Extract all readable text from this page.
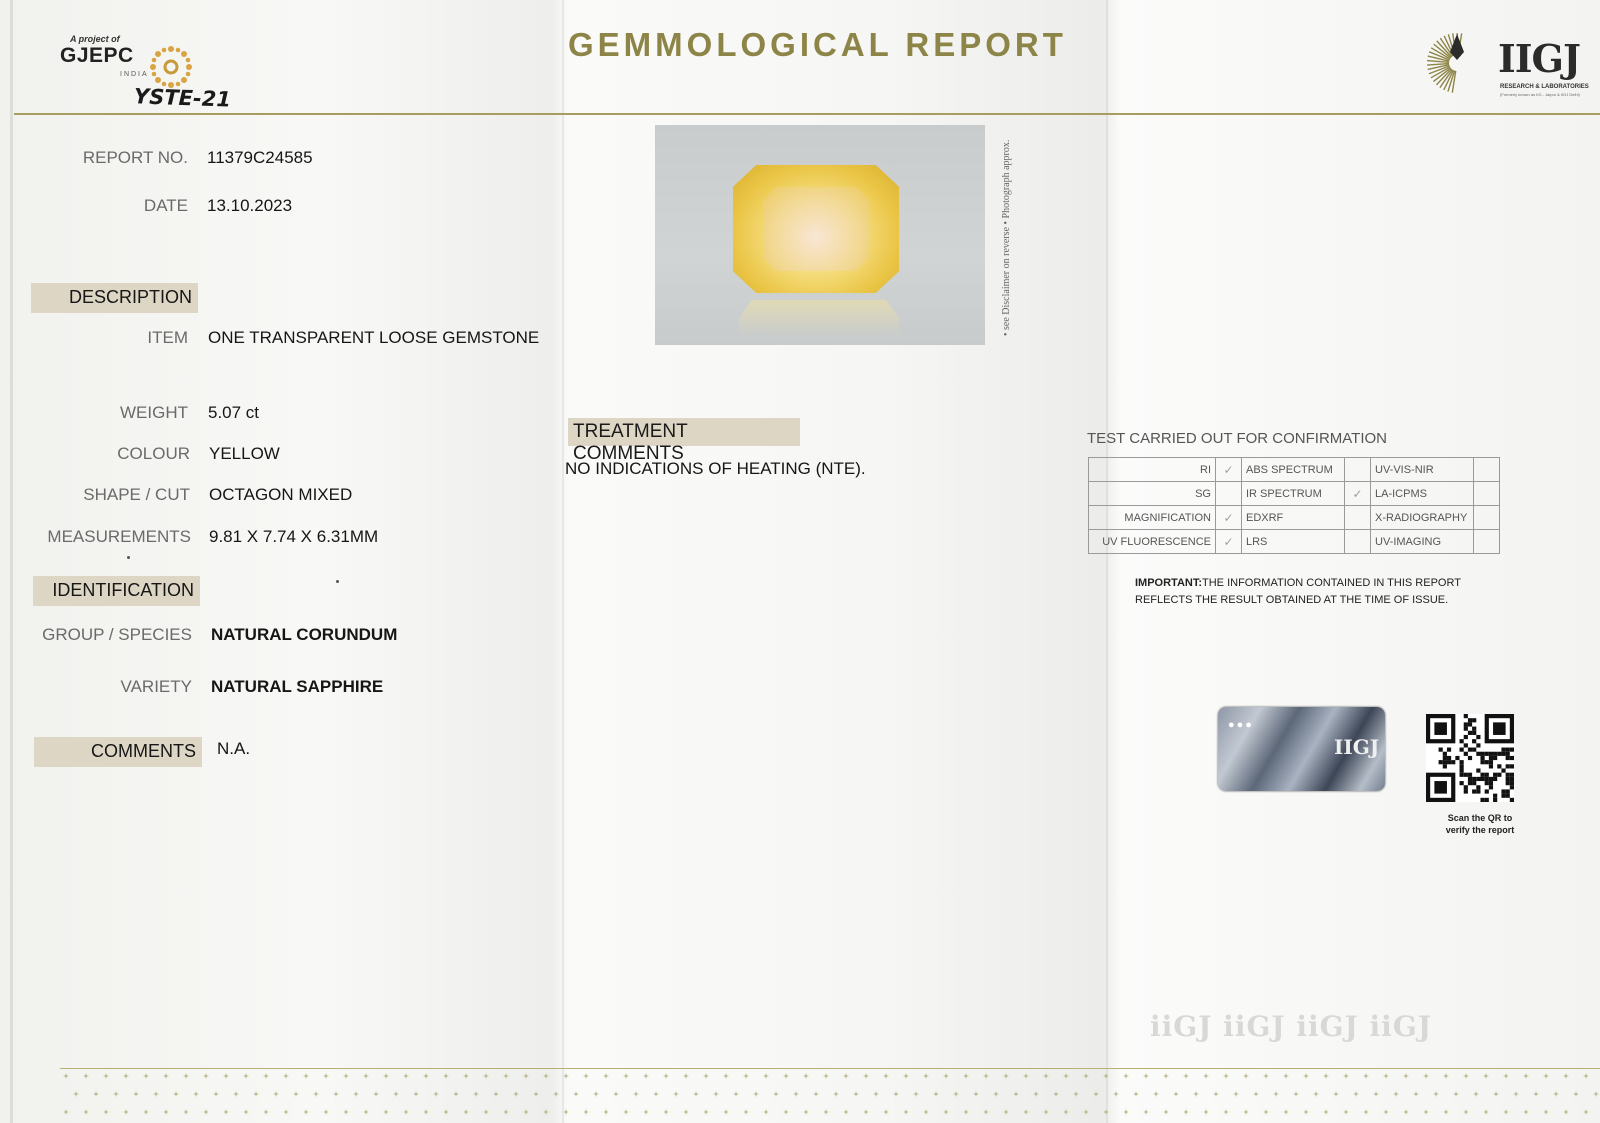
A project of
GJEPC
INDIA
YSTE-21
GEMMOLOGICAL REPORT	IIGJ
RESEARCH & LABORATORIES
(Formerly known as IIG - Jaipur & IIGJ Delhi)
REPORT NO. 11379C24585
DATE 13.10.2023
DESCRIPTION
ITEM ONE TRANSPARENT LOOSE GEMSTONE
WEIGHT 5.07 ct
COLOUR YELLOW
SHAPE / CUT OCTAGON MIXED
MEASUREMENTS 9.81 X 7.74 X 6.31MM
IDENTIFICATION
GROUP / SPECIES NATURAL CORUNDUM
VARIETY NATURAL SAPPHIRE
COMMENTS	N.A.
• see Disclaimer on reverse • Photograph approx.
TREATMENT COMMENTS
NO INDICATIONS OF HEATING (NTE).
TEST CARRIED OUT FOR CONFIRMATION
RI	✓	ABS SPECTRUM		UV-VIS-NIR	
SG		IR SPECTRUM	✓	LA-ICPMS	
MAGNIFICATION	✓	EDXRF		X-RADIOGRAPHY	
UV FLUORESCENCE	✓	LRS		UV-IMAGING	
IMPORTANT:THE INFORMATION CONTAINED IN THIS REPORT REFLECTS THE RESULT OBTAINED AT THE TIME OF ISSUE.
●●●
IIGJ
Scan the QR to
verify the report
iiGJ iiGJ iiGJ iiGJ
